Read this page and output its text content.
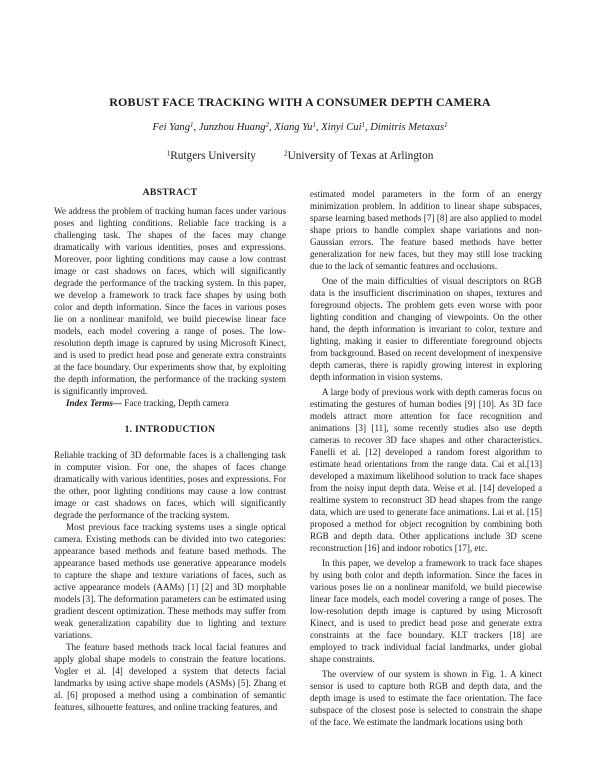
ROBUST FACE TRACKING WITH A CONSUMER DEPTH CAMERA
Fei Yang$^1$, Junzhou Huang$^2$, Xiang Yu$^1$, Xinyi Cui$^1$, Dimitris Metaxas$^1$
$^1$Rutgers University	$^2$University of Texas at Arlington
ABSTRACT

We address the problem of tracking human faces under various poses and lighting conditions. Reliable face tracking is a challenging task. The shapes of the faces may change dramatically with various identities, poses and expressions. Moreover, poor lighting conditions may cause a low contrast image or cast shadows on faces, which will significantly degrade the performance of the tracking system. In this paper, we develop a framework to track face shapes by using both color and depth information. Since the faces in various poses lie on a nonlinear manifold, we build piecewise linear face models, each model covering a range of poses. The low-resolution depth image is captured by using Microsoft Kinect, and is used to predict head pose and generate extra constraints at the face boundary. Our experiments show that, by exploiting the depth information, the performance of the tracking system is significantly improved.

Index Terms— Face tracking, Depth camera

1. INTRODUCTION

Reliable tracking of 3D deformable faces is a challenging task in computer vision. For one, the shapes of faces change dramatically with various identities, poses and expressions. For the other, poor lighting conditions may cause a low contrast image or cast shadows on faces, which will significantly degrade the performance of the tracking system.

Most previous face tracking systems uses a single optical camera. Existing methods can be divided into two categories: appearance based methods and feature based methods. The appearance based methods use generative appearance models to capture the shape and texture variations of faces, such as active appearance models (AAMs) [1] [2] and 3D morphable models [3]. The deformation parameters can be estimated using gradient descent optimization. These methods may suffer from weak generalization capability due to lighting and texture variations.

The feature based methods track local facial features and apply global shape models to constrain the feature locations. Vogler et al. [4] developed a system that detects facial landmarks by using active shape models (ASMs) [5]. Zhang et al. [6] proposed a method using a combination of semantic features, silhouette features, and online tracking features, and

estimated model parameters in the form of an energy minimization problem. In addition to linear shape subspaces, sparse learning based methods [7] [8] are also applied to model shape priors to handle complex shape variations and non-Gaussian errors. The feature based methods have better generalization for new faces, but they may still lose tracking due to the lack of semantic features and occlusions.

One of the main difficulties of visual descriptors on RGB data is the insufficient discrimination on shapes, textures and foreground objects. The problem gets even worse with poor lighting condition and changing of viewpoints. On the other hand, the depth information is invariant to color, texture and lighting, making it easier to differentiate foreground objects from background. Based on recent development of inexpensive depth cameras, there is rapidly growing interest in exploring depth information in vision systems.

A large body of previous work with depth cameras focus on estimating the gestures of human bodies [9] [10]. As 3D face models attract more attention for face recognition and animations [3] [11], some recently studies also use depth cameras to recover 3D face shapes and other characteristics. Fanelli et al. [12] developed a random forest algorithm to estimate head orientations from the range data. Cai et al.[13] developed a maximum likelihood solution to track face shapes from the noisy input depth data. Weise et al. [14] developed a realtime system to reconstruct 3D head shapes from the range data, which are used to generate face animations. Lai et al. [15] proposed a method for object recognition by combining both RGB and depth data. Other applications include 3D scene reconstruction [16] and indoor robotics [17], etc.

In this paper, we develop a framework to track face shapes by using both color and depth information. Since the faces in various poses lie on a nonlinear manifold, we build piecewise linear face models, each model covering a range of poses. The low-resolution depth image is captured by using Microsoft Kinect, and is used to predict head pose and generate extra constraints at the face boundary. KLT trackers [18] are employed to track individual facial landmarks, under global shape constraints.

The overview of our system is shown in Fig. 1. A kinect sensor is used to capture both RGB and depth data, and the depth image is used to estimate the face orientation. The face subspace of the closest pose is selected to constrain the shape of the face. We estimate the landmark locations using both
